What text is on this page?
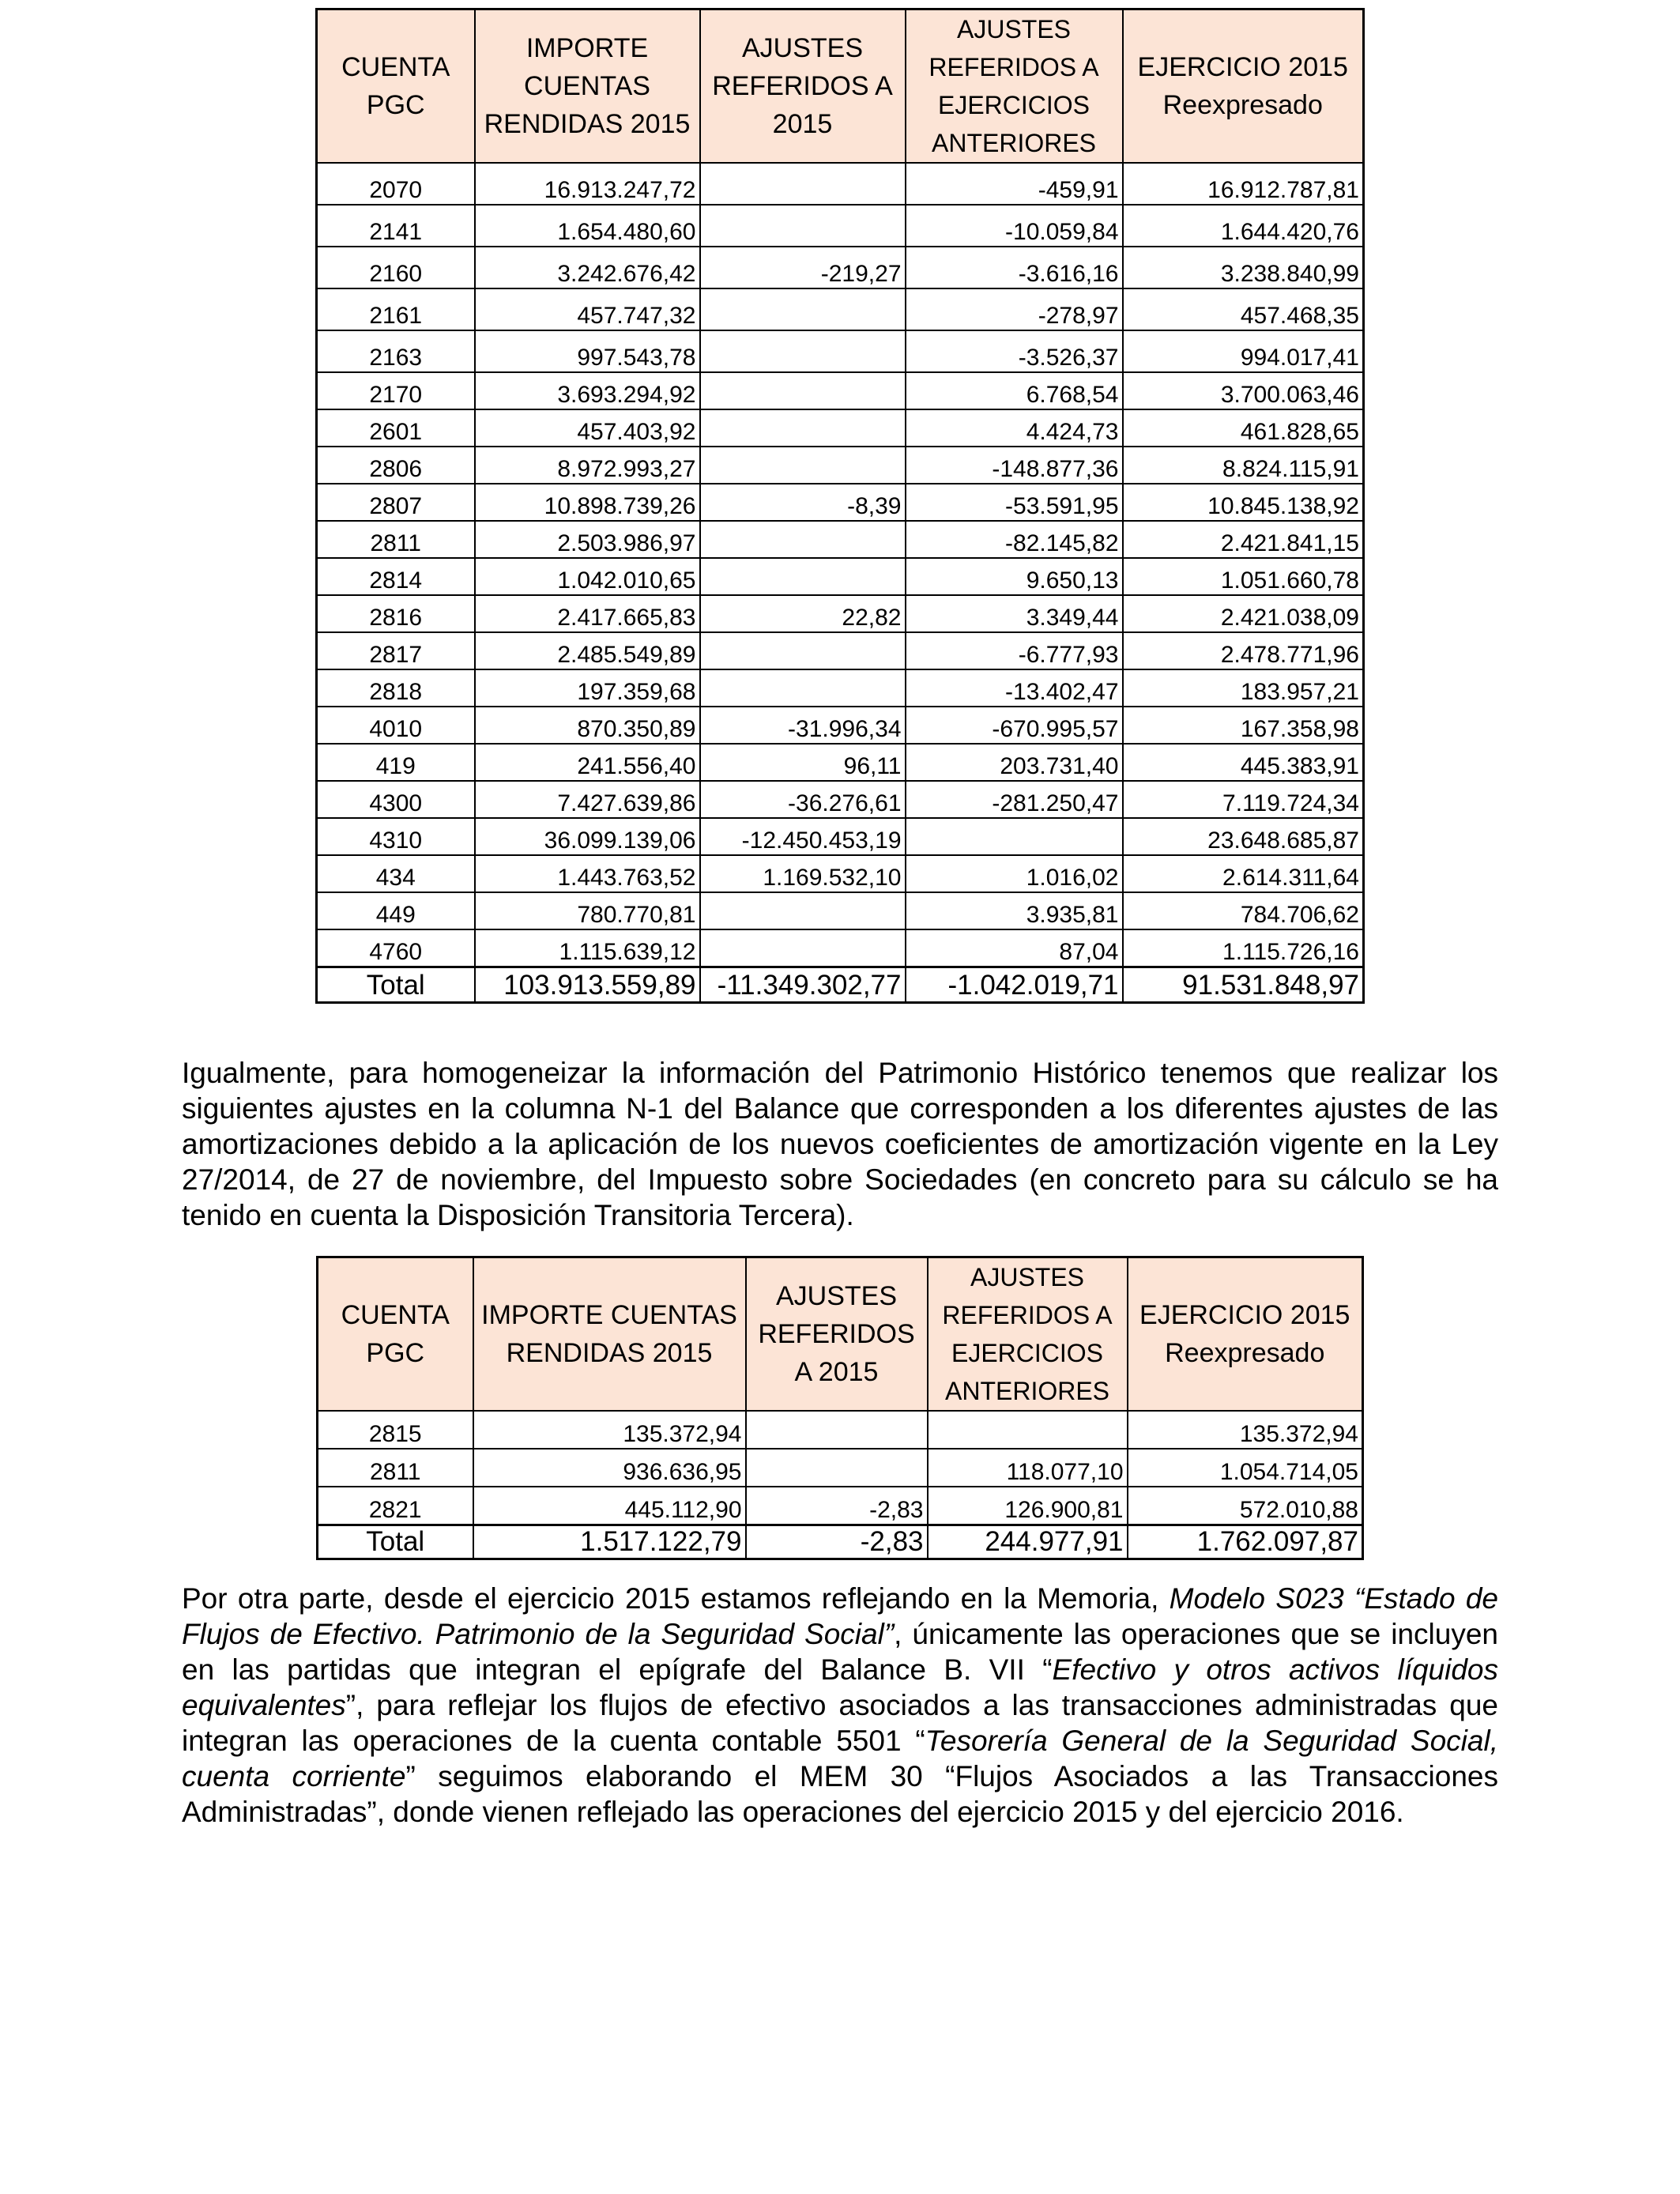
CUENTA PGC	IMPORTE CUENTAS RENDIDAS 2015	AJUSTES REFERIDOS A 2015	AJUSTES REFERIDOS A EJERCICIOS ANTERIORES	EJERCICIO 2015 Reexpresado
2070	16.913.247,72		-459,91	16.912.787,81
2141	1.654.480,60		-10.059,84	1.644.420,76
2160	3.242.676,42	-219,27	-3.616,16	3.238.840,99
2161	457.747,32		-278,97	457.468,35
2163	997.543,78		-3.526,37	994.017,41
2170	3.693.294,92		6.768,54	3.700.063,46
2601	457.403,92		4.424,73	461.828,65
2806	8.972.993,27		-148.877,36	8.824.115,91
2807	10.898.739,26	-8,39	-53.591,95	10.845.138,92
2811	2.503.986,97		-82.145,82	2.421.841,15
2814	1.042.010,65		9.650,13	1.051.660,78
2816	2.417.665,83	22,82	3.349,44	2.421.038,09
2817	2.485.549,89		-6.777,93	2.478.771,96
2818	197.359,68		-13.402,47	183.957,21
4010	870.350,89	-31.996,34	-670.995,57	167.358,98
419	241.556,40	96,11	203.731,40	445.383,91
4300	7.427.639,86	-36.276,61	-281.250,47	7.119.724,34
4310	36.099.139,06	-12.450.453,19		23.648.685,87
434	1.443.763,52	1.169.532,10	1.016,02	2.614.311,64
449	780.770,81		3.935,81	784.706,62
4760	1.115.639,12		87,04	1.115.726,16
Total	103.913.559,89	-11.349.302,77	-1.042.019,71	91.531.848,97
Igualmente, para homogeneizar la información del Patrimonio Histórico tenemos que realizar los siguientes ajustes en la columna N-1 del Balance que corresponden a los diferentes ajustes de las amortizaciones debido a la aplicación de los nuevos coeficientes de amortización vigente en la Ley 27/2014, de 27 de noviembre, del Impuesto sobre Sociedades (en concreto para su cálculo se ha tenido en cuenta la Disposición Transitoria Tercera).
CUENTA PGC	IMPORTE CUENTAS RENDIDAS 2015	AJUSTES REFERIDOS A 2015	AJUSTES REFERIDOS A EJERCICIOS ANTERIORES	EJERCICIO 2015 Reexpresado
2815	135.372,94			135.372,94
2811	936.636,95		118.077,10	1.054.714,05
2821	445.112,90	-2,83	126.900,81	572.010,88
Total	1.517.122,79	-2,83	244.977,91	1.762.097,87
Por otra parte, desde el ejercicio 2015 estamos reflejando en la Memoria, Modelo S023 “Estado de Flujos de Efectivo. Patrimonio de la Seguridad Social”, únicamente las operaciones que se incluyen en las partidas que integran el epígrafe del Balance B. VII “Efectivo y otros activos líquidos equivalentes”, para reflejar los flujos de efectivo asociados a las transacciones administradas que integran las operaciones de la cuenta contable 5501 “Tesorería General de la Seguridad Social, cuenta corriente” seguimos elaborando el MEM 30 “Flujos Asociados a las Transacciones Administradas”, donde vienen reflejado las operaciones del ejercicio 2015 y del ejercicio 2016.
